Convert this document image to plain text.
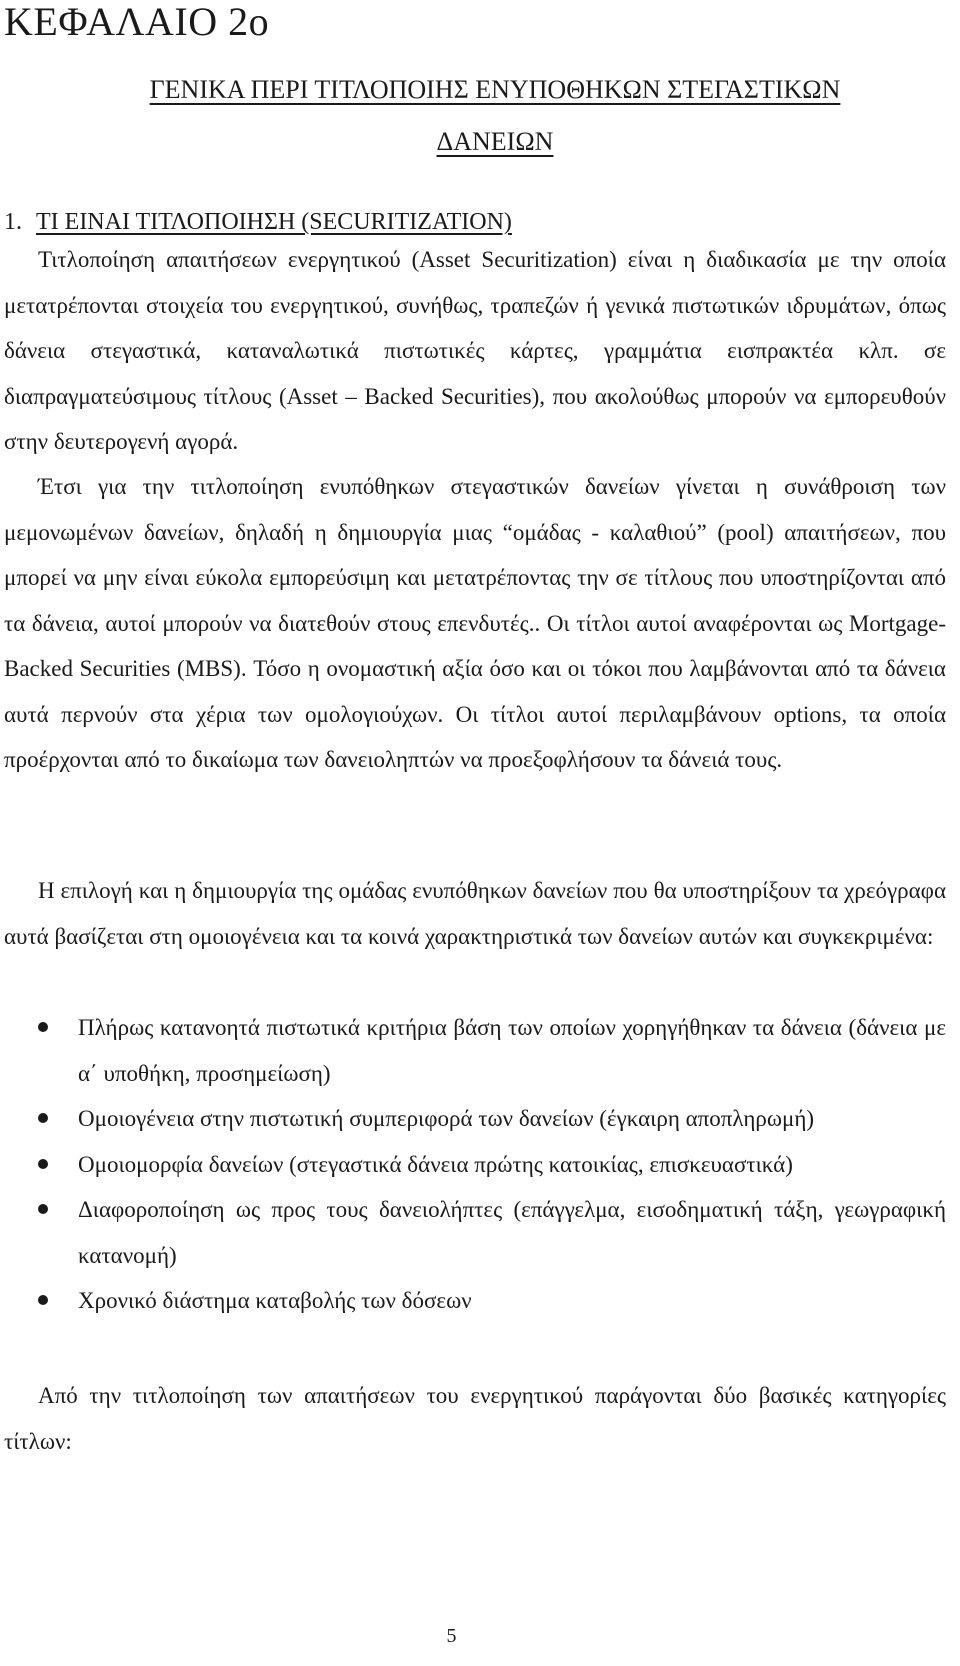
ΚΕΦΑΛΑΙΟ 2ο
ΓΕΝΙΚΑ ΠΕΡΙ ΤΙΤΛΟΠΟΙΗΣ ΕΝΥΠΟΘΗΚΩΝ ΣΤΕΓΑΣΤΙΚΩΝ
ΔΑΝΕΙΩΝ
1. ΤΙ ΕΙΝΑΙ ΤΙΤΛΟΠΟΙΗΣΗ (SECURITIZATION)

Τιτλοποίηση απαιτήσεων ενεργητικού (Asset Securitization) είναι η διαδικασία με την οποία μετατρέπονται στοιχεία του ενεργητικού, συνήθως, τραπεζών ή γενικά πιστωτικών ιδρυμάτων, όπως δάνεια στεγαστικά, καταναλωτικά πιστωτικές κάρτες, γραμμάτια εισπρακτέα κλπ. σε διαπραγματεύσιμους τίτλους (Asset – Backed Securities), που ακολούθως μπορούν να εμπορευθούν στην δευτερογενή αγορά.

Έτσι για την τιτλοποίηση ενυπόθηκων στεγαστικών δανείων γίνεται η συνάθροιση των μεμονωμένων δανείων, δηλαδή η δημιουργία μιας “ομάδας - καλαθιού” (pool) απαιτήσεων, που μπορεί να μην είναι εύκολα εμπορεύσιμη και μετατρέποντας την σε τίτλους που υποστηρίζονται από τα δάνεια, αυτοί μπορούν να διατεθούν στους επενδυτές.. Οι τίτλοι αυτοί αναφέρονται ως Mortgage-Backed Securities (MBS). Τόσο η ονομαστική αξία όσο και οι τόκοι που λαμβάνονται από τα δάνεια αυτά περνούν στα χέρια των ομολογιούχων. Οι τίτλοι αυτοί περιλαμβάνουν options, τα οποία προέρχονται από το δικαίωμα των δανειοληπτών να προεξοφλήσουν τα δάνειά τους.

Η επιλογή και η δημιουργία της ομάδας ενυπόθηκων δανείων που θα υποστηρίξουν τα χρεόγραφα αυτά βασίζεται στη ομοιογένεια και τα κοινά χαρακτηριστικά των δανείων αυτών και συγκεκριμένα:

Πλήρως κατανοητά πιστωτικά κριτήρια βάση των οποίων χορηγήθηκαν τα δάνεια (δάνεια με α΄ υποθήκη, προσημείωση)
Ομοιογένεια στην πιστωτική συμπεριφορά των δανείων (έγκαιρη αποπληρωμή)
Ομοιομορφία δανείων (στεγαστικά δάνεια πρώτης κατοικίας, επισκευαστικά)
Διαφοροποίηση ως προς τους δανειολήπτες (επάγγελμα, εισοδηματική τάξη, γεωγραφική κατανομή)
Χρονικό διάστημα καταβολής των δόσεων

Από την τιτλοποίηση των απαιτήσεων του ενεργητικού παράγονται δύο βασικές κατηγορίες τίτλων:

5
